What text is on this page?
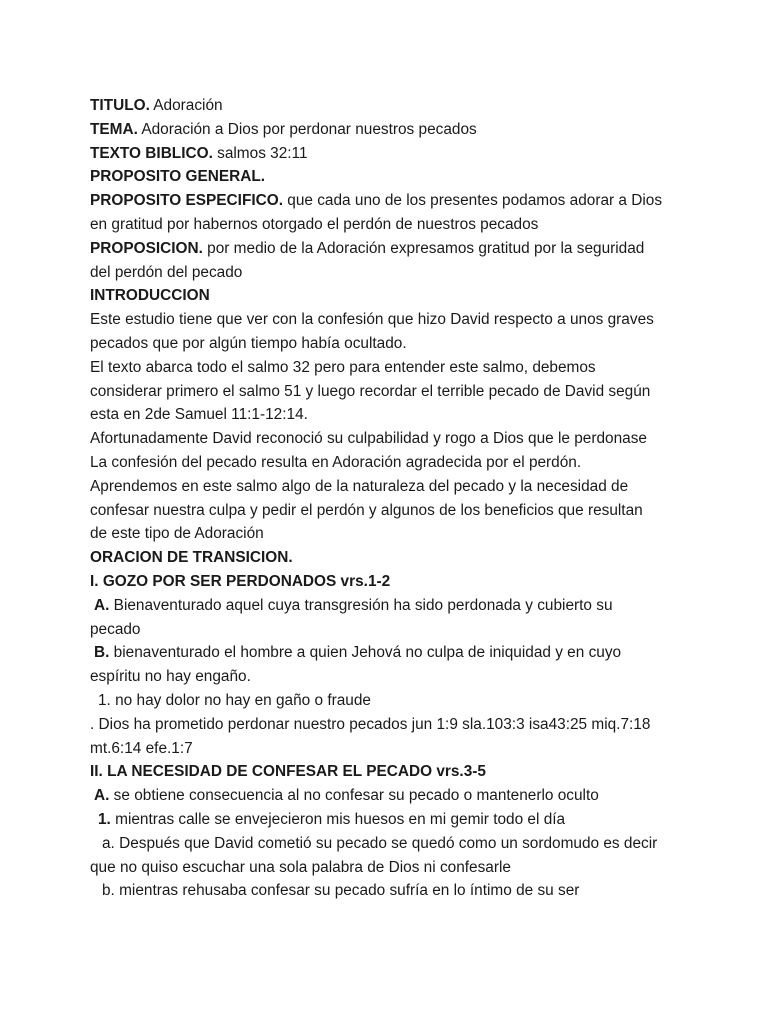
TITULO. Adoración
TEMA. Adoración a Dios por perdonar nuestros pecados
TEXTO BIBLICO. salmos 32:11
PROPOSITO GENERAL.
PROPOSITO ESPECIFICO. que cada uno de los presentes podamos adorar a Dios
en gratitud por habernos otorgado el perdón de nuestros pecados
PROPOSICION. por medio de la Adoración expresamos gratitud por la seguridad
del perdón del pecado
INTRODUCCION
Este estudio tiene que ver con la confesión que hizo David respecto a unos graves
pecados que por algún tiempo había ocultado.
El texto abarca todo el salmo 32 pero para entender este salmo, debemos
considerar primero el salmo 51 y luego recordar el terrible pecado de David según
esta en 2de Samuel 11:1-12:14.
Afortunadamente David reconoció su culpabilidad y rogo a Dios que le perdonase
La confesión del pecado resulta en Adoración agradecida por el perdón.
Aprendemos en este salmo algo de la naturaleza del pecado y la necesidad de
confesar nuestra culpa y pedir el perdón y algunos de los beneficios que resultan
de este tipo de Adoración
ORACION DE TRANSICION.
I. GOZO POR SER PERDONADOS vrs.1-2
A. Bienaventurado aquel cuya transgresión ha sido perdonada y cubierto su
pecado
B. bienaventurado el hombre a quien Jehová no culpa de iniquidad y en cuyo
espíritu no hay engaño.
1. no hay dolor no hay en gaño o fraude
. Dios ha prometido perdonar nuestro pecados jun 1:9 sla.103:3 isa43:25 miq.7:18
mt.6:14 efe.1:7
II. LA NECESIDAD DE CONFESAR EL PECADO vrs.3-5
A. se obtiene consecuencia al no confesar su pecado o mantenerlo oculto
1. mientras calle se envejecieron mis huesos en mi gemir todo el día
a. Después que David cometió su pecado se quedó como un sordomudo es decir
que no quiso escuchar una sola palabra de Dios ni confesarle
b. mientras rehusaba confesar su pecado sufría en lo íntimo de su ser
